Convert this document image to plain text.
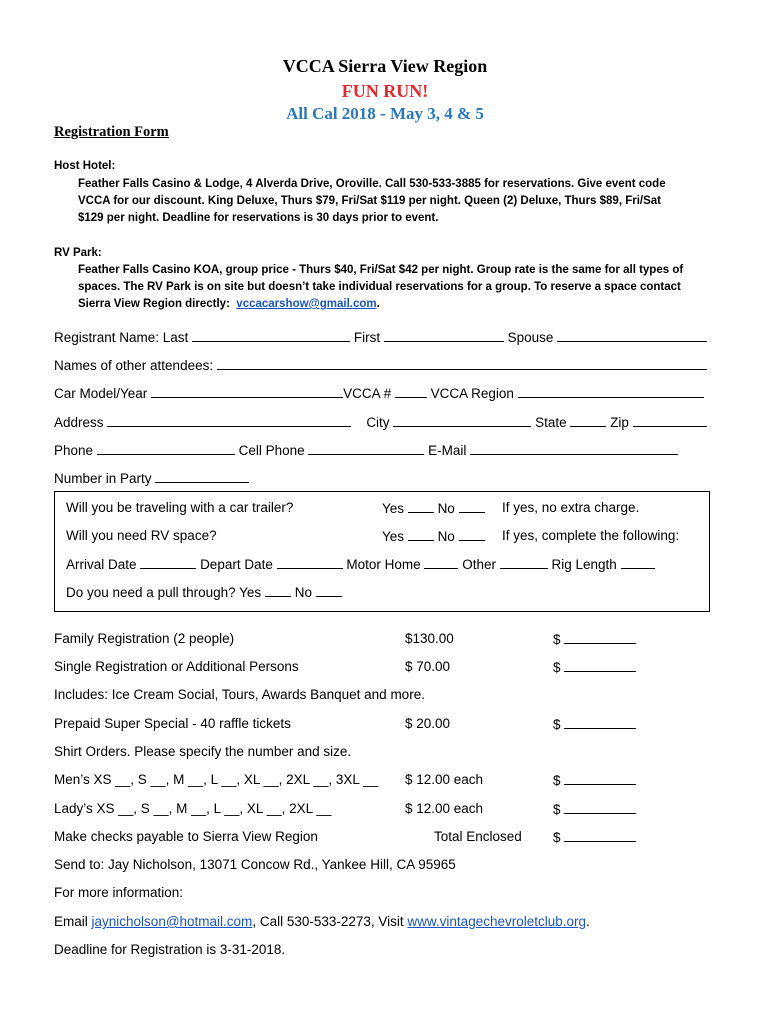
VCCA Sierra View Region
FUN RUN!
All Cal 2018 - May 3, 4 & 5
Registration Form
Host Hotel:
Feather Falls Casino & Lodge, 4 Alverda Drive, Oroville. Call 530-533-3885 for reservations. Give event code
VCCA for our discount. King Deluxe, Thurs $79, Fri/Sat $119 per night. Queen (2) Deluxe, Thurs $89, Fri/Sat
$129 per night. Deadline for reservations is 30 days prior to event.
RV Park:
Feather Falls Casino KOA, group price - Thurs $40, Fri/Sat $42 per night. Group rate is the same for all types of
spaces. The RV Park is on site but doesn’t take individual reservations for a group. To reserve a space contact
Sierra View Region directly: vccacarshow@gmail.com.
Registrant Name: Last	First	Spouse
Names of other attendees:
Car Model/Year	VCCA #	VCCA Region
Address	City	State	Zip
Phone	Cell Phone	E-Mail
Number in Party
Will you be traveling with a car trailer?	Yes No	If yes, no extra charge.
Will you need RV space?	Yes No	If yes, complete the following:
Arrival Date	Depart Date	Motor Home	Other	Rig Length
Do you need a pull through? Yes No
Family Registration (2 people)	$130.00	$
Single Registration or Additional Persons	$ 70.00	$
Includes: Ice Cream Social, Tours, Awards Banquet and more.
Prepaid Super Special - 40 raffle tickets	$ 20.00	$
Shirt Orders. Please specify the number and size.
Men’s XS __, S __, M __, L __, XL __, 2XL __, 3XL __ $ 12.00 each	$
Lady’s XS __, S __, M __, L __, XL __, 2XL __	$ 12.00 each	$
Make checks payable to Sierra View Region	Total Enclosed $
Send to: Jay Nicholson, 13071 Concow Rd., Yankee Hill, CA 95965
For more information:
Email jaynicholson@hotmail.com, Call 530-533-2273, Visit www.vintagechevroletclub.org.
Deadline for Registration is 3-31-2018.
